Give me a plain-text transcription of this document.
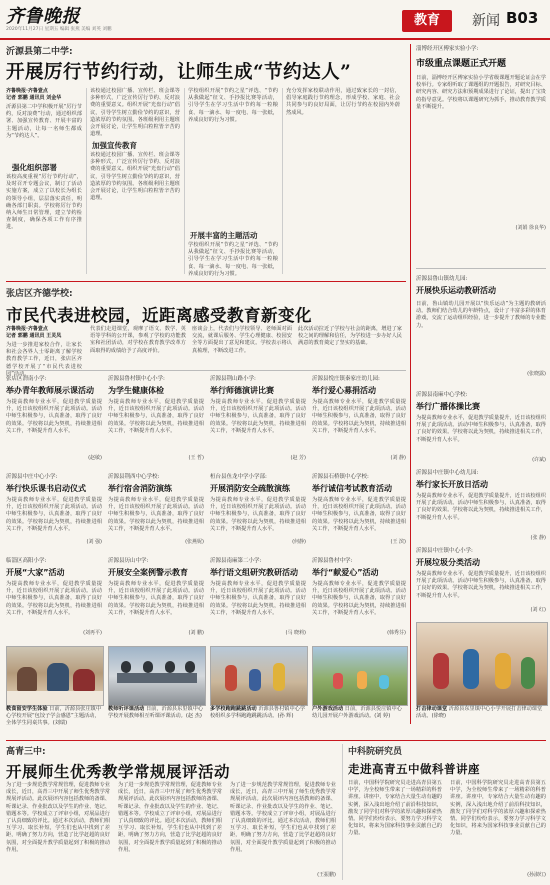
齐鲁晚报
2020年11月27日 星期五 编辑 张燕 美编 刘英 刘鹏
教育	新闻 B03
沂源县第二中学:
开展厉行节约行动，让师生成“节约达人”
齐鲁晚报·齐鲁壹点
记者 郭鹏 通讯员 刘金华
沂源县第二中学积极开展“厉行节约，反对浪费”行动，通过组织部署、加强宣传教育、开展丰富的主题活动，让每一名师生都成为“节约达人”。
强化组织部署
该校高度重视“厉行节约行动”，及时召开专题会议，制订了活动实施方案，成立了以校长为组长的领导小组，层层落实责任，明确各部门职责。学校将厉行节约纳入师生日常管理，建立节约检查制度，确保各项工作有序推进。
加强宣传教育
该校通过校园广播、宣传栏、班会课等多种形式，广泛宣传厉行节约、反对浪费的重要意义。组织开展“光盘行动”倡议，引导学生树立勤俭节约的意识，营造浓厚的节约氛围。各班级利用主题班会开展讨论，让学生明白粒粒皆辛苦的道理。
该校通过校园广播、宣传栏、班会课等多种形式，广泛宣传厉行节约、反对浪费的重要意义。组织开展“光盘行动”倡议，引导学生树立勤俭节约的意识，营造浓厚的节约氛围。各班级利用主题班会开展讨论，让学生明白粒粒皆辛苦的道理。
学校组织开展“节约之星”评选、“节约从我做起”征文、手抄报比赛等活动，引导学生在学习生活中节约每一粒粮食、每一滴水、每一度电、每一张纸，养成良好的行为习惯。
开展丰富的主题活动
学校组织开展“节约之星”评选、“节约从我做起”征文、手抄报比赛等活动，引导学生在学习生活中节约每一粒粮食、每一滴水、每一度电、每一张纸，养成良好的行为习惯。
充分发挥家校联动作用，通过致家长的一封信，倡导家庭践行节约理念，形成学校、家庭、社会共同参与的良好局面，让厉行节约在校园内外蔚然成风。
淄博经开区傅家实验小学:
市级重点课题正式开题
日前，淄博经开区傅家实验小学省级课题开题论证会在学校举行。专家组听取了课题组的开题报告，对研究目标、研究内容、研究方法和预期成果进行了论证，提出了宝贵的指导意见。学校将以课题研究为抓手，推动教育教学质量不断提升。
(刘娟 徐良华)
沂源县鲁山镇幼儿园:
开展快乐运动教研活动
日前，鲁山镇幼儿园开展以“快乐运动”为主题的教研活动。教师们结合幼儿的年龄特点，设计了丰富多彩的体育游戏，交流了运动组织经验，进一步提升了教师的专业能力。
(张晓露)
张店区齐德学校:
市民代表进校园，近距离感受教育新变化
齐鲁晚报·齐鲁壹点
记者 郭鹏 通讯员 王灵凤
为进一步推进家校合作，让家长和社会各界人士零距离了解学校教育教学工作，近日，张店区齐德学校开展了“市民代表进校园”活动。
代表们走进课堂，观摩了语文、数学、英语等学科的公开课，参观了学校的功能教室和社团活动，对学校在教育教学改革方面取得的成绩给予了高度评价。
座谈会上，代表们与学校领导、老师面对面交流，就课后服务、学生心理健康、校园安全等方面提出了意见和建议。学校表示将认真梳理，不断改进工作。
此次活动拉近了学校与社会的距离，增进了家校之间的理解和信任，为学校进一步办好人民满意的教育奠定了坚实的基础。
张店区渭南小学:
举办青年教师展示课活动
为提高教师专业水平，促进教学质量提升，近日该校组织开展了此项活动。活动中师生积极参与，认真准备，取得了良好的效果。学校将以此为契机，持续推进相关工作，不断提升育人水平。
(赵敏)
沂源县中庄中心小学:
举行快乐课书启动仪式
为提高教师专业水平，促进教学质量提升，近日该校组织开展了此项活动。活动中师生积极参与，认真准备，取得了良好的效果。学校将以此为契机，持续推进相关工作，不断提升育人水平。
(刘 强)
临淄区高阳小学:
开展“大家”活动
为提高教师专业水平，促进教学质量提升，近日该校组织开展了此项活动。活动中师生积极参与，认真准备，取得了良好的效果。学校将以此为契机，持续推进相关工作，不断提升育人水平。
(刘再平)
沂源县鲁村镇中心小学:
为学生健康体检
为提高教师专业水平，促进教学质量提升，近日该校组织开展了此项活动。活动中师生积极参与，认真准备，取得了良好的效果。学校将以此为契机，持续推进相关工作，不断提升育人水平。
(王 哲)
沂源县荆西中心学校:
举行宿舍消防演练
为提高教师专业水平，促进教学质量提升，近日该校组织开展了此项活动。活动中师生积极参与，认真准备，取得了良好的效果。学校将以此为契机，持续推进相关工作，不断提升育人水平。
(张燕妮)
沂源县历山中学:
开展安全案例警示教育
为提高教师专业水平，促进教学质量提升，近日该校组织开展了此项活动。活动中师生积极参与，认真准备，取得了良好的效果。学校将以此为契机，持续推进相关工作，不断提升育人水平。
(刘 鹏)
沂源县荆山路小学:
举行师德演讲比赛
为提高教师专业水平，促进教学质量提升，近日该校组织开展了此项活动。活动中师生积极参与，认真准备，取得了良好的效果。学校将以此为契机，持续推进相关工作，不断提升育人水平。
(赵 芳)
桓台县鱼龙中学小学部:
开展消防安全疏散演练
为提高教师专业水平，促进教学质量提升，近日该校组织开展了此项活动。活动中师生积极参与，认真准备，取得了良好的效果。学校将以此为契机，持续推进相关工作，不断提升育人水平。
(何静)
沂源县南麻第二小学:
举行语文组研究教研活动
为提高教师专业水平，促进教学质量提升，近日该校组织开展了此项活动。活动中师生积极参与，认真准备，取得了良好的效果。学校将以此为契机，持续推进相关工作，不断提升育人水平。
(马 晓莉)
沂源县悦庄镇秦家庄幼儿园:
举行爱心募捐活动
为提高教师专业水平，促进教学质量提升，近日该校组织开展了此项活动。活动中师生积极参与，认真准备，取得了良好的效果。学校将以此为契机，持续推进相关工作，不断提升育人水平。
(刘 静)
沂源县石桥镇中心学校:
举行诚信考试教育活动
为提高教师专业水平，促进教学质量提升，近日该校组织开展了此项活动。活动中师生积极参与，认真准备，取得了良好的效果。学校将以此为契机，持续推进相关工作，不断提升育人水平。
(王 滨)
沂源县鲁村中学:
举行“献爱心”活动
为提高教师专业水平，促进教学质量提升，近日该校组织开展了此项活动。活动中师生积极参与，认真准备，取得了良好的效果。学校将以此为契机，持续推进相关工作，不断提升育人水平。
(韩秀芬)
沂源县南麻中心学校:
举行广播体操比赛
为提高教师专业水平，促进教学质量提升，近日该校组织开展了此项活动。活动中师生积极参与，认真准备，取得了良好的效果。学校将以此为契机，持续推进相关工作，不断提升育人水平。
(许斌)
沂源县中庄镇中心幼儿园:
举行家长开放日活动
为提高教师专业水平，促进教学质量提升，近日该校组织开展了此项活动。活动中师生积极参与，认真准备，取得了良好的效果。学校将以此为契机，持续推进相关工作，不断提升育人水平。
(张 静)
沂源县中庄镇中心小学:
开展垃圾分类活动
为提高教师专业水平，促进教学质量提升，近日该校组织开展了此项活动。活动中师生积极参与，认真准备，取得了良好的效果。学校将以此为契机，持续推进相关工作，不断提升育人水平。
(刘 红)
教食留安学生体验 日前，沂源县张庄镇中心学校开展“包饺子学会感恩”主题活动，全体学生同桌共事。(刘瑞)
教师听评课活动 日前，沂源县东里镇中心学校开展教师相互听课评课活动。(赵 杰)
多学校跑跑跳跳活动 沂源县鲁村镇中心学校组织多学科跑跑跳跳活动。(孙 辉)
户外游戏活动 日前，沂源县悦庄镇中心幼儿园开展户外游戏活动。(刘 婷)
打击律动课堂 沂源县东里镇中心小学开展打击律动课堂活动。(徐晓)
高青三中:
开展师生优秀教学常规展评活动
为了进一步规范教学常规管理，促进教师专业成长，近日，高青三中开展了师生优秀教学常规展评活动。此次展评内容包括教师的备课、听课记录、作业批改以及学生的作业、笔记、错题本等。学校成立了评审小组，对展品进行了认真细致的评比。通过本次活动，教师们相互学习、取长补短，学生们也从中找到了差距，明确了努力方向，营造了比学赶超的良好氛围，对全面提升教学质量起到了积极的推动作用。
为了进一步规范教学常规管理，促进教师专业成长，近日，高青三中开展了师生优秀教学常规展评活动。此次展评内容包括教师的备课、听课记录、作业批改以及学生的作业、笔记、错题本等。学校成立了评审小组，对展品进行了认真细致的评比。通过本次活动，教师们相互学习、取长补短，学生们也从中找到了差距，明确了努力方向，营造了比学赶超的良好氛围，对全面提升教学质量起到了积极的推动作用。
为了进一步规范教学常规管理，促进教师专业成长，近日，高青三中开展了师生优秀教学常规展评活动。此次展评内容包括教师的备课、听课记录、作业批改以及学生的作业、笔记、错题本等。学校成立了评审小组，对展品进行了认真细致的评比。通过本次活动，教师们相互学习、取长补短，学生们也从中找到了差距，明确了努力方向，营造了比学赶超的良好氛围，对全面提升教学质量起到了积极的推动作用。
(王振鹏)
中科院研究员
走进高青五中做科普讲座
日前，中国科学院研究员走进高青县第五中学，为全校师生带来了一场精彩的科普讲座。讲座中，专家结合大量生动有趣的实例，深入浅出地介绍了前沿科技知识，激发了同学们对科学的浓厚兴趣和探索热情。同学们纷纷表示，要努力学习科学文化知识，将来为国家科技事业贡献自己的力量。
日前，中国科学院研究员走进高青县第五中学，为全校师生带来了一场精彩的科普讲座。讲座中，专家结合大量生动有趣的实例，深入浅出地介绍了前沿科技知识，激发了同学们对科学的浓厚兴趣和探索热情。同学们纷纷表示，要努力学习科学文化知识，将来为国家科技事业贡献自己的力量。
(孙淑红)
